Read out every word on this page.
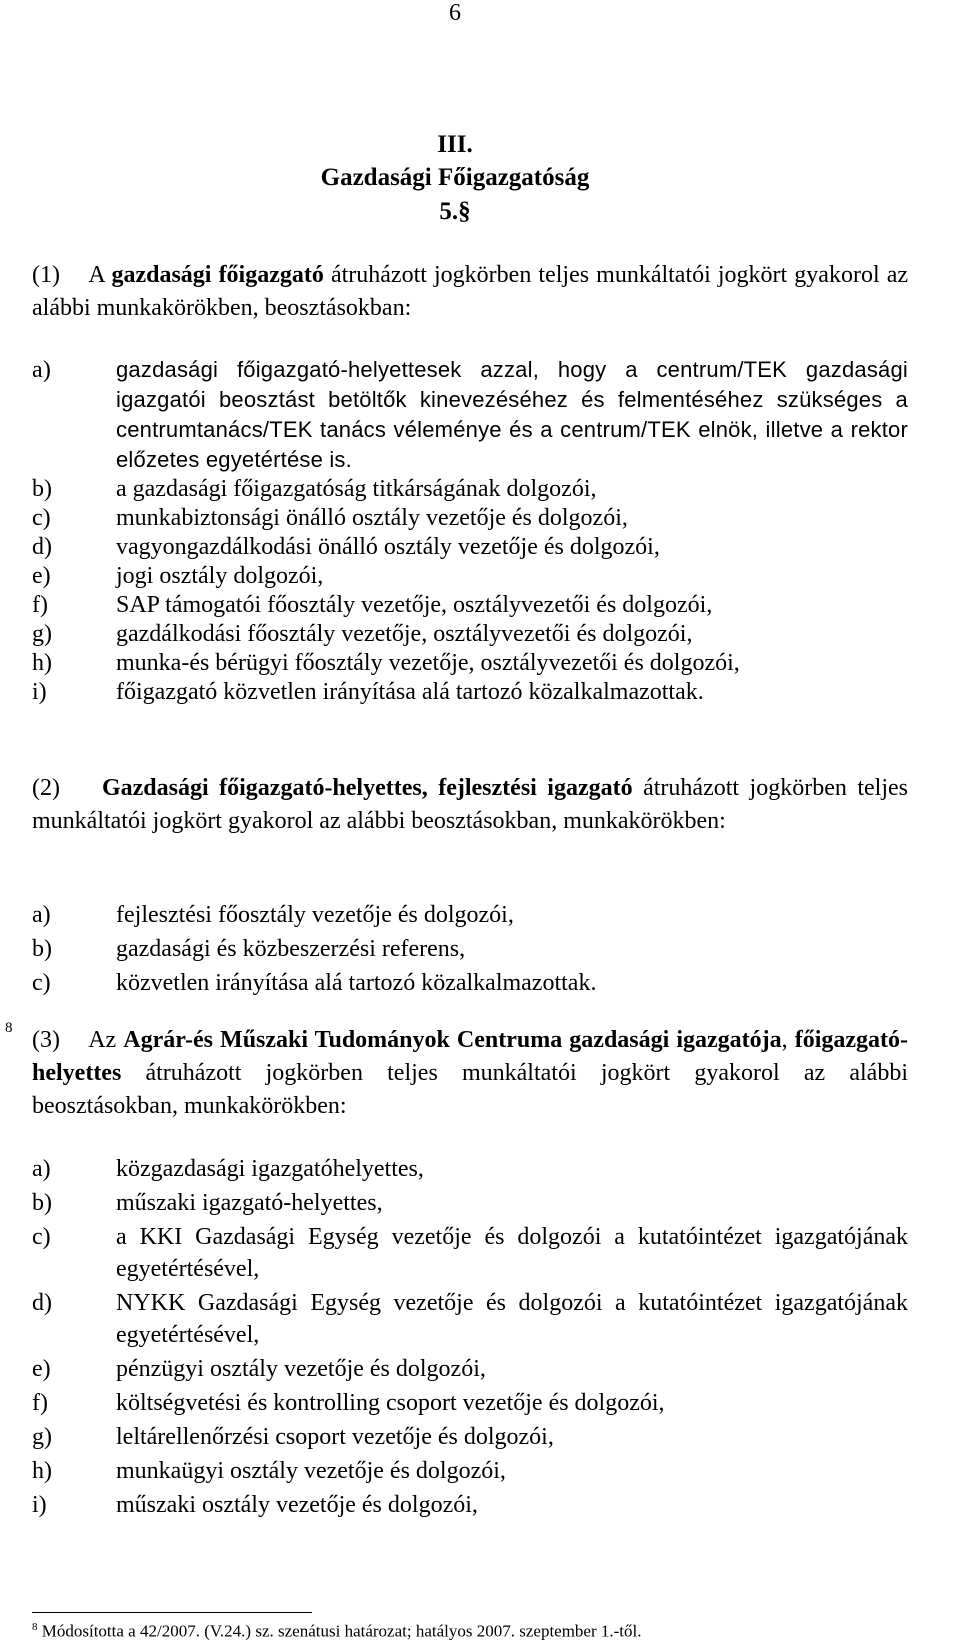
6
III.
Gazdasági Főigazgatóság
5.§
(1) A gazdasági főigazgató átruházott jogkörben teljes munkáltatói jogkört gyakorol az alábbi munkakörökben, beosztásokban:
a)	gazdasági főigazgató-helyettesek azzal, hogy a centrum/TEK gazdasági igazgatói beosztást betöltők kinevezéséhez és felmentéséhez szükséges a centrumtanács/TEK tanács véleménye és a centrum/TEK elnök, illetve a rektor előzetes egyetértése is.
b)	a gazdasági főigazgatóság titkárságának dolgozói,
c)	munkabiztonsági önálló osztály vezetője és dolgozói,
d)	vagyongazdálkodási önálló osztály vezetője és dolgozói,
e)	jogi osztály dolgozói,
f)	SAP támogatói főosztály vezetője, osztályvezetői és dolgozói,
g)	gazdálkodási főosztály vezetője, osztályvezetői és dolgozói,
h)	munka-és bérügyi főosztály vezetője, osztályvezetői és dolgozói,
i)	főigazgató közvetlen irányítása alá tartozó közalkalmazottak.
(2) Gazdasági főigazgató-helyettes, fejlesztési igazgató átruházott jogkörben teljes munkáltatói jogkört gyakorol az alábbi beosztásokban, munkakörökben:
a)	fejlesztési főosztály vezetője és dolgozói,
b)	gazdasági és közbeszerzési referens,
c)	közvetlen irányítása alá tartozó közalkalmazottak.
8 (3) Az Agrár-és Műszaki Tudományok Centruma gazdasági igazgatója, főigazgató-helyettes átruházott jogkörben teljes munkáltatói jogkört gyakorol az alábbi beosztásokban, munkakörökben:
a)	közgazdasági igazgatóhelyettes,
b)	műszaki igazgató-helyettes,
c)	a KKI Gazdasági Egység vezetője és dolgozói a kutatóintézet igazgatójának egyetértésével,
d)	NYKK Gazdasági Egység vezetője és dolgozói a kutatóintézet igazgatójának egyetértésével,
e)	pénzügyi osztály vezetője és dolgozói,
f)	költségvetési és kontrolling csoport vezetője és dolgozói,
g)	leltárellenőrzési csoport vezetője és dolgozói,
h)	munkaügyi osztály vezetője és dolgozói,
i)	műszaki osztály vezetője és dolgozói,
$^8$ Módosította a 42/2007. (V.24.) sz. szenátusi határozat; hatályos 2007. szeptember 1.-től.
